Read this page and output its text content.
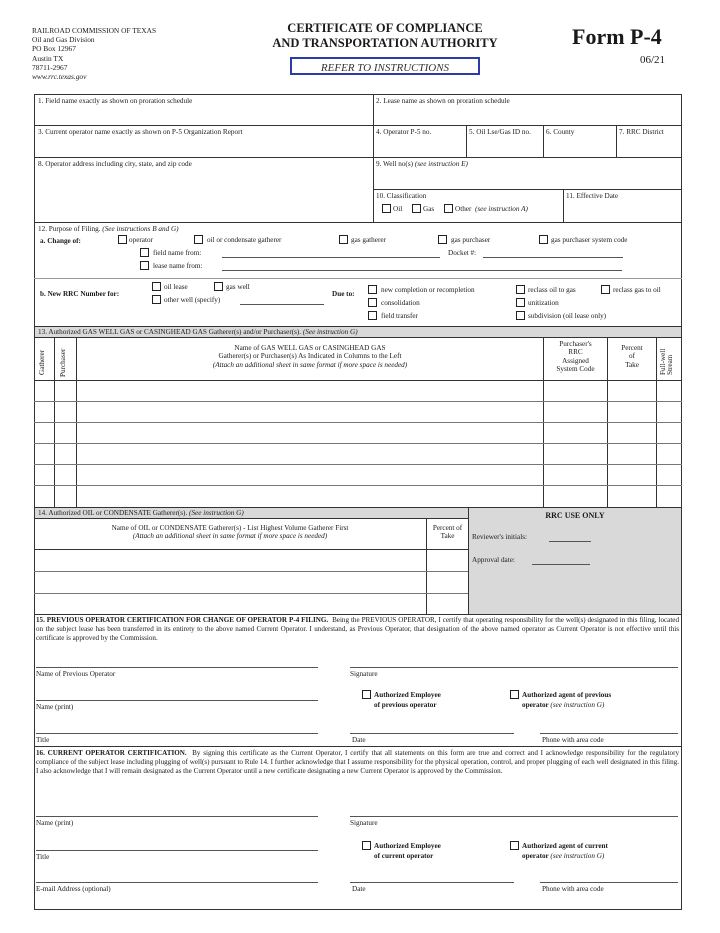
RAILROAD COMMISSION OF TEXAS
Oil and Gas Division
PO Box 12967
Austin TX
78711-2967
www.rrc.texas.gov
CERTIFICATE OF COMPLIANCE
AND TRANSPORTATION AUTHORITY
REFER TO INSTRUCTIONS
Form P-4
06/21
1. Field name exactly as shown on proration schedule	2. Lease name as shown on proration schedule
3. Current operator name exactly as shown on P-5 Organization Report	4. Operator P-5 no.	5. Oil Lse/Gas ID no. 6. County	7. RRC District
8. Operator address including city, state, and zip code	9. Well no(s) (see instruction E)
10. Classification
Oil	Gas	Other (see instruction A)
11. Effective Date
12. Purpose of Filing. (See instructions B and G)
a. Change of:	operator	oil or condensate gatherer	gas gatherer	gas purchaser	gas purchaser system code
field name from:	Docket #:
lease name from:
b. New RRC Number for:
oil lease	gas well
other well (specify)
Due to:	new completion or recompletion
consolidation
field transfer
reclass oil to gas	reclass gas to oil
unitization
subdivision (oil lease only)
13. Authorized GAS WELL GAS or CASINGHEAD GAS Gatherer(s) and/or Purchaser(s). (See instruction G)
Gatherer Purchaser
Name of GAS WELL GAS or CASINGHEAD GAS
Gatherer(s) or Purchaser(s) As Indicated in Columns to the Left
(Attach an additional sheet in same format if more space is needed)
Purchaser's
RRC
Assigned
System Code
Percent
of
Take	Full-well Stream
14. Authorized OIL or CONDENSATE Gatherer(s). (See instruction G)	RRC USE ONLY
Reviewer's initials:
Approval date:
Name of OIL or CONDENSATE Gatherer(s) - List Highest Volume Gatherer First
(Attach an additional sheet in same format if more space is needed)
Percent of
Take
15. PREVIOUS OPERATOR CERTIFICATION FOR CHANGE OF OPERATOR P-4 FILING. Being the PREVIOUS OPERATOR, I certify that operating responsibility for the well(s) designated in this filing, located on the subject lease has been transferred in its entirety to the above named Current Operator. I understand, as Previous Operator, that designation of the above named operator as Current Operator is not effective until this certificate is approved by the Commission.
Name of Previous Operator	Signature
Authorized Employee
of previous operator
Authorized agent of previous
operator (see instruction G)
Name (print)
Title	Date	Phone with area code
16. CURRENT OPERATOR CERTIFICATION. By signing this certificate as the Current Operator, I certify that all statements on this form are true and correct and I acknowledge responsibility for the regulatory compliance of the subject lease including plugging of well(s) pursuant to Rule 14. I further acknowledge that I assume responsibility for the physical operation, control, and proper plugging of each well designated in this filing. I also acknowledge that I will remain designated as the Current Operator until a new certificate designating a new Current Operator is approved by the Commission.
Name (print)	Signature
Authorized Employee
of current operator
Authorized agent of current
operator (see instruction G)
Title
E-mail Address (optional)	Date	Phone with area code
